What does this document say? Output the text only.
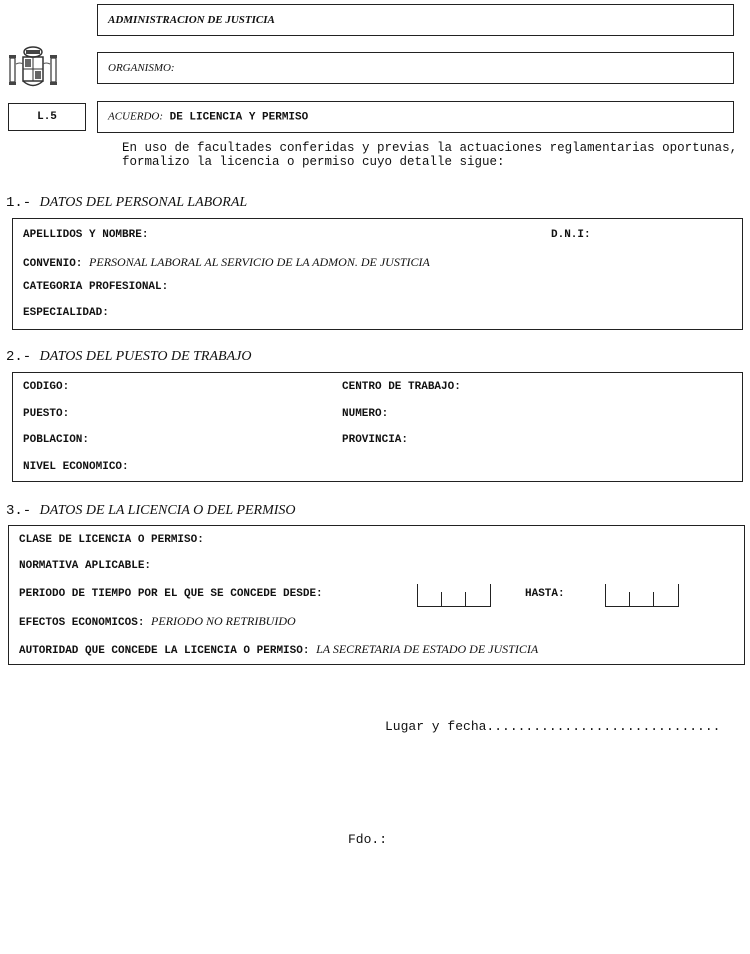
ADMINISTRACION DE JUSTICIA
ORGANISMO:
L.5	ACUERDO: DE LICENCIA Y PERMISO
En uso de facultades conferidas y previas la actuaciones reglamentarias oportunas,
formalizo la licencia o permiso cuyo detalle sigue:
1.- DATOS DEL PERSONAL LABORAL
APELLIDOS Y NOMBRE:	D.N.I:
CONVENIO: PERSONAL LABORAL AL SERVICIO DE LA ADMON. DE JUSTICIA
CATEGORIA PROFESIONAL:
ESPECIALIDAD:
2.- DATOS DEL PUESTO DE TRABAJO
CODIGO:	CENTRO DE TRABAJO:
PUESTO:	NUMERO:
POBLACION:	PROVINCIA:
NIVEL ECONOMICO:
3.- DATOS DE LA LICENCIA O DEL PERMISO
CLASE DE LICENCIA O PERMISO:
NORMATIVA APLICABLE:
PERIODO DE TIEMPO POR EL QUE SE CONCEDE DESDE:	HASTA:
EFECTOS ECONOMICOS: PERIODO NO RETRIBUIDO
AUTORIDAD QUE CONCEDE LA LICENCIA O PERMISO: LA SECRETARIA DE ESTADO DE JUSTICIA
Lugar y fecha..............................
Fdo.:
